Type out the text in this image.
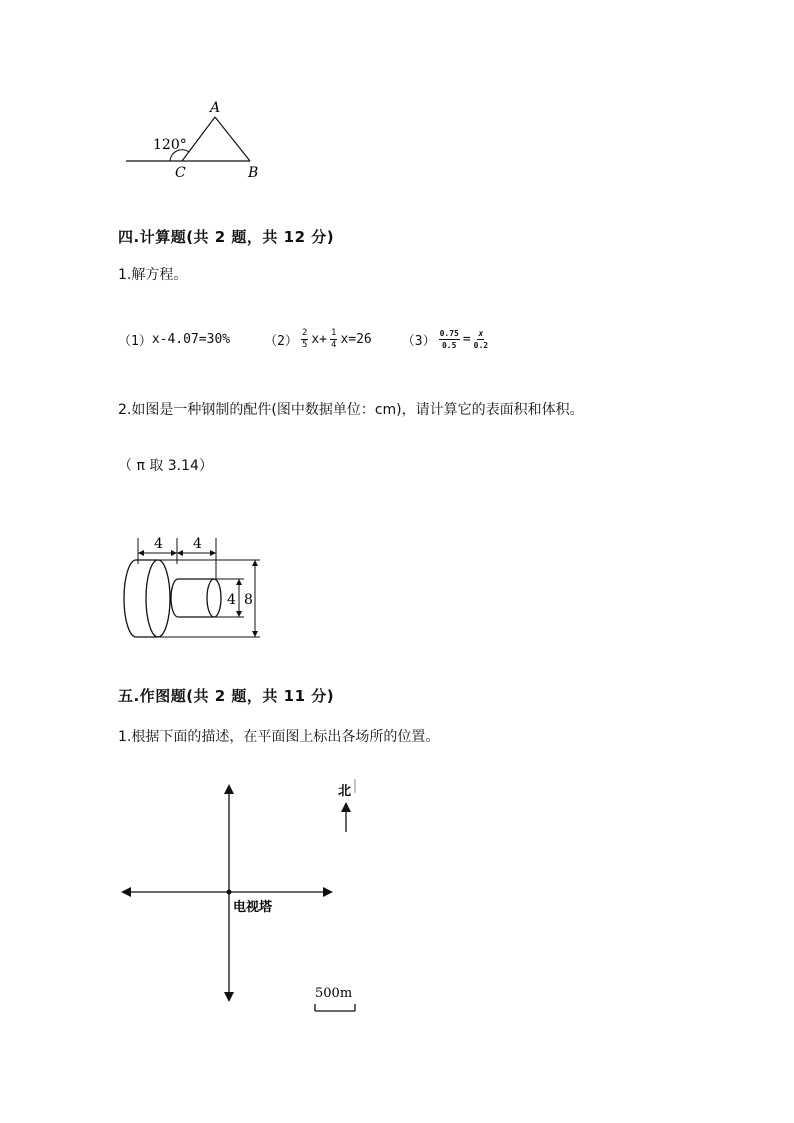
A
B
C
120°
四.计算题(共 2 题，共 12 分)
1.解方程。
（1） x-4.07=30%	$(2) \frac{2}{5} x+ \frac{1}{4} x=26$ $(3) \frac{0.75}{0.5} = \frac{x}{0.2}$
2.如图是一种钢制的配件(图中数据单位：cm)，请计算它的表面积和体积。
（ π 取 3.14）
4 4
4 8
五.作图题(共 2 题，共 11 分)
1.根据下面的描述，在平面图上标出各场所的位置。
电视塔
北
500m
